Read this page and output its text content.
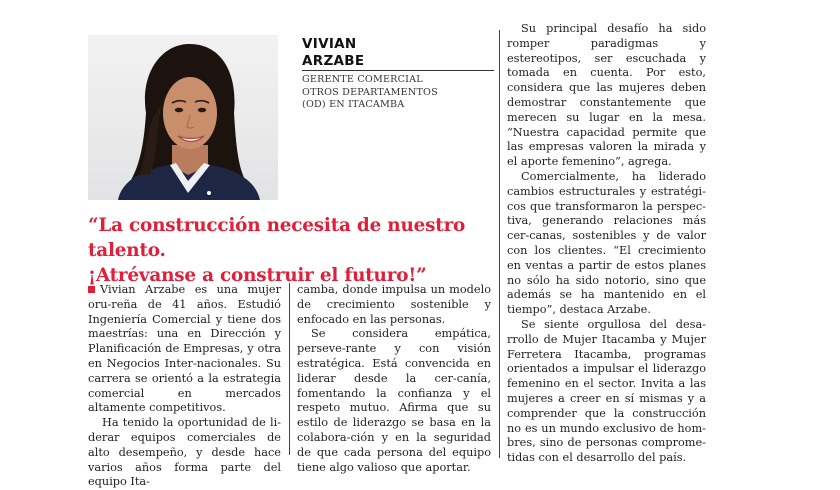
VIVIAN
ARZABE
GERENTE COMERCIAL
OTROS DEPARTAMENTOS
(OD) EN ITACAMBA
“La construcción necesita de nuestro talento.
¡Atrévanse a construir el futuro!”

Vivian Arzabe es una mujer oru-reña de 41 años. Estudió Ingeniería Comercial y tiene dos maestrías: una en Dirección y Planificación de Empresas, y otra en Negocios Inter-nacionales. Su carrera se orientó a la estrategia comercial en mercados altamente competitivos.

Ha tenido la oportunidad de li-derar equipos comerciales de alto desempeño, y desde hace varios años forma parte del equipo Ita-

camba, donde impulsa un modelo de crecimiento sostenible y enfocado en las personas.

Se considera empática, perseve-rante y con visión estratégica. Está convencida en liderar desde la cer-canía, fomentando la confianza y el respeto mutuo. Afirma que su estilo de liderazgo se basa en la colabora-ción y en la seguridad de que cada persona del equipo tiene algo valioso que aportar.

Su principal desafío ha sido romper paradigmas y estereotipos, ser escuchada y tomada en cuenta. Por esto, considera que las mujeres deben demostrar constantemente que merecen su lugar en la mesa. “Nuestra capacidad permite que las empresas valoren la mirada y el aporte femenino”, agrega.

Comercialmente, ha liderado cambios estructurales y estratégi-cos que transformaron la perspec-tiva, generando relaciones más cer-canas, sostenibles y de valor con los clientes. “El crecimiento en ventas a partir de estos planes no sólo ha sido notorio, sino que además se ha mantenido en el tiempo”, destaca Arzabe.

Se siente orgullosa del desa-rrollo de Mujer Itacamba y Mujer Ferretera Itacamba, programas orientados a impulsar el liderazgo femenino en el sector. Invita a las mujeres a creer en sí mismas y a comprender que la construcción no es un mundo exclusivo de hom-bres, sino de personas comprome-tidas con el desarrollo del país.
